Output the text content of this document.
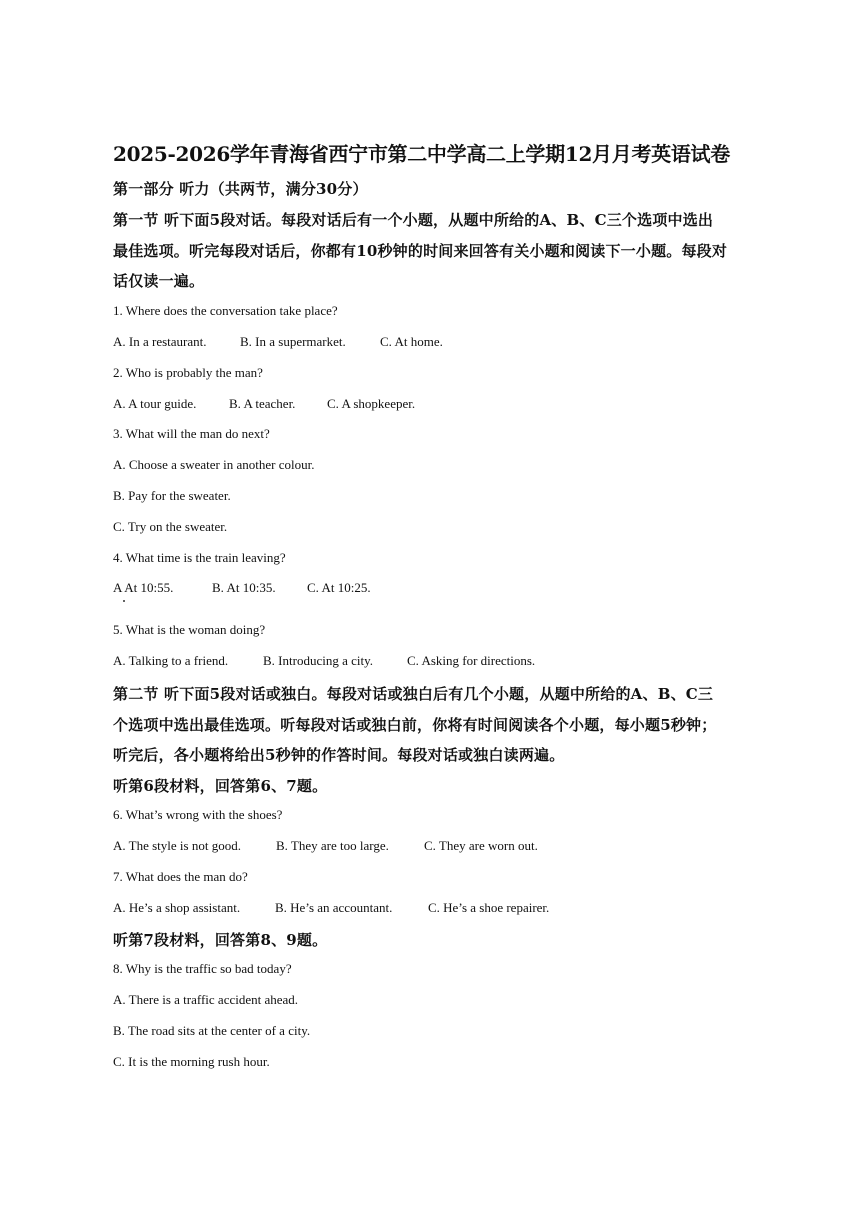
2025-2026学年青海省西宁市第二中学高二上学期12月月考英语试卷
第一部分 听力（共两节，满分30分）
第一节 听下面5段对话。每段对话后有一个小题，从题中所给的A、B、C三个选项中选出
最佳选项。听完每段对话后，你都有10秒钟的时间来回答有关小题和阅读下一小题。每段对
话仅读一遍。
1. Where does the conversation take place?
A. In a restaurant.	B. In a supermarket.	C. At home.
2. Who is probably the man?
A. A tour guide.	B. A teacher. C. A shopkeeper.
3. What will the man do next?
A. Choose a sweater in another colour.
B. Pay for the sweater.
C. Try on the sweater.
4. What time is the train leaving?
A At 10:55.	B. At 10:35. C. At 10:25.
5. What is the woman doing?
A. Talking to a friend.	B. Introducing a city.	C. Asking for directions.
第二节 听下面5段对话或独白。每段对话或独白后有几个小题，从题中所给的A、B、C三
个选项中选出最佳选项。听每段对话或独白前，你将有时间阅读各个小题，每小题5秒钟；
听完后，各小题将给出5秒钟的作答时间。每段对话或独白读两遍。
听第6段材料，回答第6、7题。
6. What’s wrong with the shoes?
A. The style is not good.	B. They are too large.	C. They are worn out.
7. What does the man do?
A. He’s a shop assistant.	B. He’s an accountant.	C. He’s a shoe repairer.
听第7段材料，回答第8、9题。
8. Why is the traffic so bad today?
A. There is a traffic accident ahead.
B. The road sits at the center of a city.
C. It is the morning rush hour.
